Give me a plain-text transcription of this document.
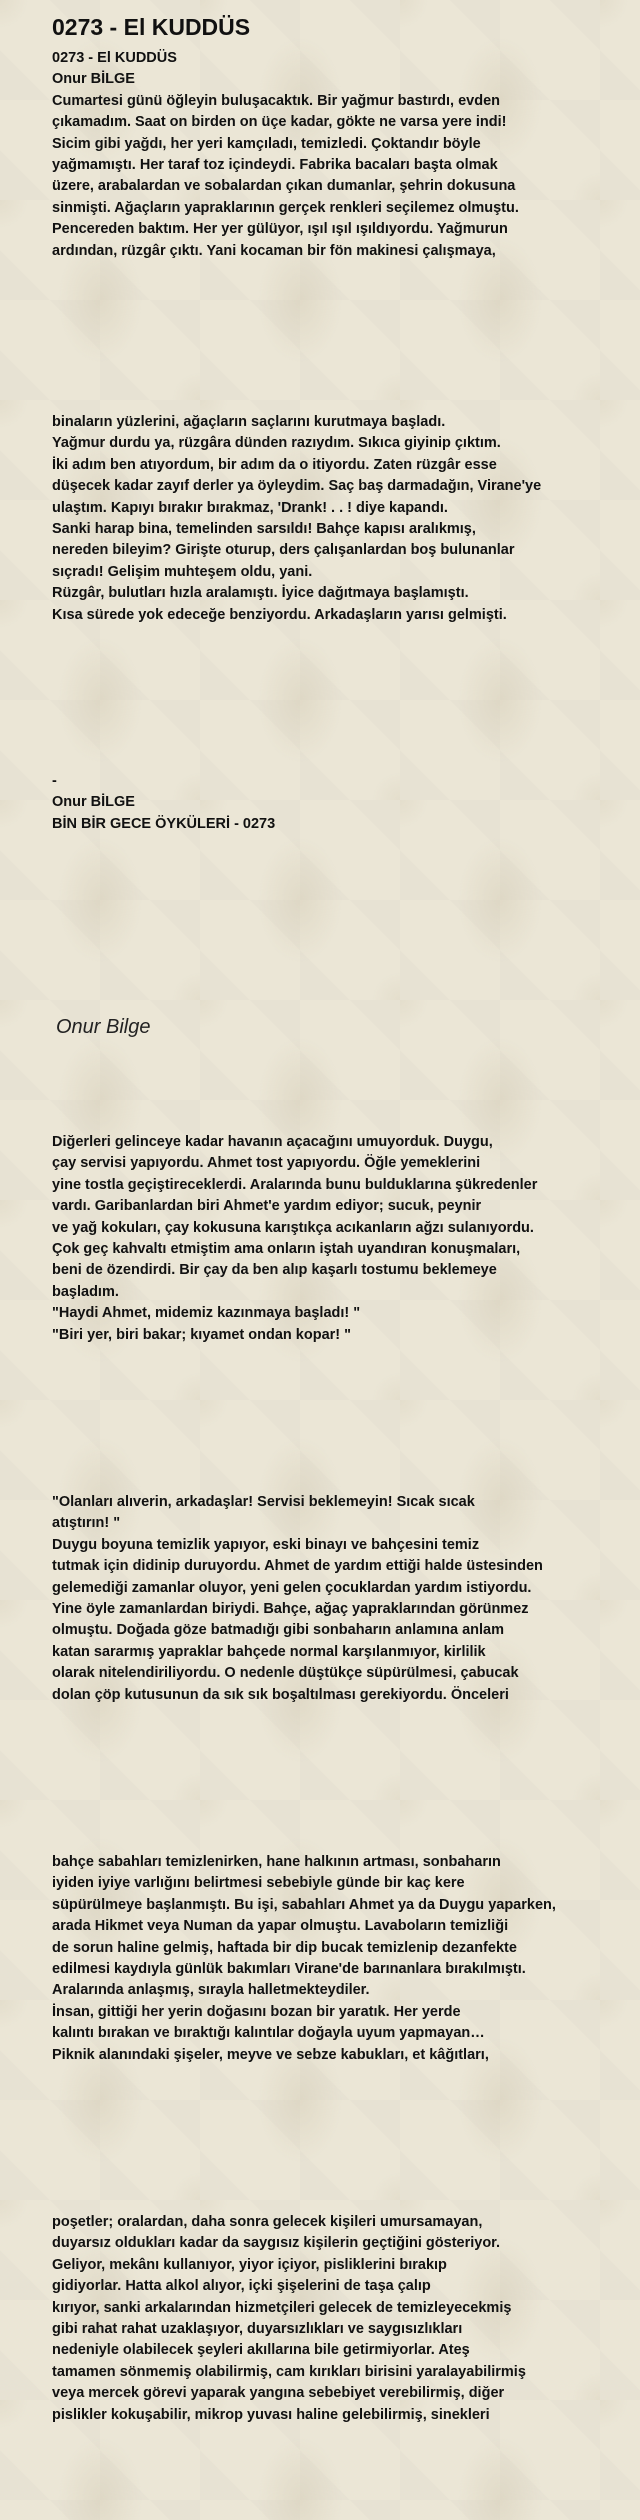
0273 - El KUDDÜS
0273 - El KUDDÜS
Onur BİLGE
Cumartesi günü öğleyin buluşacaktık. Bir yağmur bastırdı, evden
çıkamadım. Saat on birden on üçe kadar, gökte ne varsa yere indi!
Sicim gibi yağdı, her yeri kamçıladı, temizledi. Çoktandır böyle
yağmamıştı. Her taraf toz içindeydi. Fabrika bacaları başta olmak
üzere, arabalardan ve sobalardan çıkan dumanlar, şehrin dokusuna
sinmişti. Ağaçların yapraklarının gerçek renkleri seçilemez olmuştu.
Pencereden baktım. Her yer gülüyor, ışıl ışıl ışıldıyordu. Yağmurun
ardından, rüzgâr çıktı. Yani kocaman bir fön makinesi çalışmaya,
binaların yüzlerini, ağaçların saçlarını kurutmaya başladı.
Yağmur durdu ya, rüzgâra dünden razıydım. Sıkıca giyinip çıktım.
İki adım ben atıyordum, bir adım da o itiyordu. Zaten rüzgâr esse
düşecek kadar zayıf derler ya öyleydim. Saç baş darmadağın, Virane'ye
ulaştım. Kapıyı bırakır bırakmaz, 'Drank! . . ! diye kapandı.
Sanki harap bina, temelinden sarsıldı! Bahçe kapısı aralıkmış,
nereden bileyim? Girişte oturup, ders çalışanlardan boş bulunanlar
sıçradı! Gelişim muhteşem oldu, yani.
Rüzgâr, bulutları hızla aralamıştı. İyice dağıtmaya başlamıştı.
Kısa sürede yok edeceğe benziyordu. Arkadaşların yarısı gelmişti.
-
Onur BİLGE
BİN BİR GECE ÖYKÜLERİ - 0273
Onur Bilge
Diğerleri gelinceye kadar havanın açacağını umuyorduk. Duygu,
çay servisi yapıyordu. Ahmet tost yapıyordu. Öğle yemeklerini
yine tostla geçiştireceklerdi. Aralarında bunu bulduklarına şükredenler
vardı. Garibanlardan biri Ahmet'e yardım ediyor; sucuk, peynir
ve yağ kokuları, çay kokusuna karıştıkça acıkanların ağzı sulanıyordu.
Çok geç kahvaltı etmiştim ama onların iştah uyandıran konuşmaları,
beni de özendirdi. Bir çay da ben alıp kaşarlı tostumu beklemeye
başladım.
"Haydi Ahmet, midemiz kazınmaya başladı! "
"Biri yer, biri bakar; kıyamet ondan kopar! "
"Olanları alıverin, arkadaşlar! Servisi beklemeyin! Sıcak sıcak
atıştırın! "
Duygu boyuna temizlik yapıyor, eski binayı ve bahçesini temiz
tutmak için didinip duruyordu. Ahmet de yardım ettiği halde üstesinden
gelemediği zamanlar oluyor, yeni gelen çocuklardan yardım istiyordu.
Yine öyle zamanlardan biriydi. Bahçe, ağaç yapraklarından görünmez
olmuştu. Doğada göze batmadığı gibi sonbaharın anlamına anlam
katan sararmış yapraklar bahçede normal karşılanmıyor, kirlilik
olarak nitelendiriliyordu. O nedenle düştükçe süpürülmesi, çabucak
dolan çöp kutusunun da sık sık boşaltılması gerekiyordu. Önceleri
bahçe sabahları temizlenirken, hane halkının artması, sonbaharın
iyiden iyiye varlığını belirtmesi sebebiyle günde bir kaç kere
süpürülmeye başlanmıştı. Bu işi, sabahları Ahmet ya da Duygu yaparken,
arada Hikmet veya Numan da yapar olmuştu. Lavaboların temizliği
de sorun haline gelmiş, haftada bir dip bucak temizlenip dezanfekte
edilmesi kaydıyla günlük bakımları Virane'de barınanlara bırakılmıştı.
Aralarında anlaşmış, sırayla halletmekteydiler.
İnsan, gittiği her yerin doğasını bozan bir yaratık. Her yerde
kalıntı bırakan ve bıraktığı kalıntılar doğayla uyum yapmayan…
Piknik alanındaki şişeler, meyve ve sebze kabukları, et kâğıtları,
poşetler; oralardan, daha sonra gelecek kişileri umursamayan,
duyarsız oldukları kadar da saygısız kişilerin geçtiğini gösteriyor.
Geliyor, mekânı kullanıyor, yiyor içiyor, pisliklerini bırakıp
gidiyorlar. Hatta alkol alıyor, içki şişelerini de taşa çalıp
kırıyor, sanki arkalarından hizmetçileri gelecek de temizleyecekmiş
gibi rahat rahat uzaklaşıyor, duyarsızlıkları ve saygısızlıkları
nedeniyle olabilecek şeyleri akıllarına bile getirmiyorlar. Ateş
tamamen sönmemiş olabilirmiş, cam kırıkları birisini yaralayabilirmiş
veya mercek görevi yaparak yangına sebebiyet verebilirmiş, diğer
pislikler kokuşabilir, mikrop yuvası haline gelebilirmiş, sinekleri
